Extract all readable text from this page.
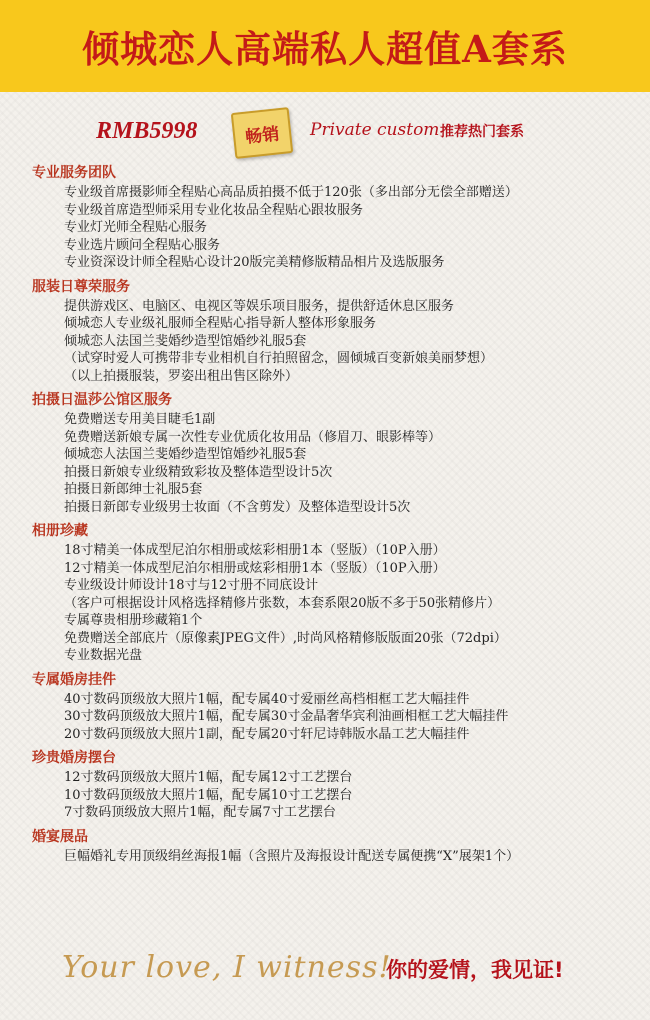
倾城恋人高端私人超值A套系
RMB5998	畅销 Private custom 推荐热门套系
专业服务团队
专业级首席摄影师全程贴心高品质拍摄不低于120张（多出部分无偿全部赠送）
专业级首席造型师采用专业化妆品全程贴心跟妆服务
专业灯光师全程贴心服务
专业选片顾问全程贴心服务
专业资深设计师全程贴心设计20版完美精修版精品相片及选版服务
服装日尊荣服务
提供游戏区、电脑区、电视区等娱乐项目服务，提供舒适休息区服务
倾城恋人专业级礼服师全程贴心指导新人整体形象服务
倾城恋人法国兰斐婚纱造型馆婚纱礼服5套
（试穿时爱人可携带非专业相机自行拍照留念，圆倾城百变新娘美丽梦想）
（以上拍摄服装，罗姿出租出售区除外）
拍摄日温莎公馆区服务
免费赠送专用美目睫毛1副
免费赠送新娘专属一次性专业优质化妆用品（修眉刀、眼影棒等）
倾城恋人法国兰斐婚纱造型馆婚纱礼服5套
拍摄日新娘专业级精致彩妆及整体造型设计5次
拍摄日新郎绅士礼服5套
拍摄日新郎专业级男士妆面（不含剪发）及整体造型设计5次
相册珍藏
18寸精美一体成型尼泊尔相册或炫彩相册1本（竖版）（10P入册）
12寸精美一体成型尼泊尔相册或炫彩相册1本（竖版）（10P入册）
专业级设计师设计18寸与12寸册不同底设计
（客户可根据设计风格选择精修片张数，本套系限20版不多于50张精修片）
专属尊贵相册珍藏箱1个
免费赠送全部底片（原像素JPEG文件）,时尚风格精修版版面20张（72dpi）
专业数据光盘
专属婚房挂件
40寸数码顶级放大照片1幅，配专属40寸爱丽丝高档相框工艺大幅挂件
30寸数码顶级放大照片1幅，配专属30寸金晶奢华宾利油画相框工艺大幅挂件
20寸数码顶级放大照片1副，配专属20寸轩尼诗韩版水晶工艺大幅挂件
珍贵婚房摆台
12寸数码顶级放大照片1幅，配专属12寸工艺摆台
10寸数码顶级放大照片1幅，配专属10寸工艺摆台
7寸数码顶级放大照片1幅，配专属7寸工艺摆台
婚宴展品
巨幅婚礼专用顶级绢丝海报1幅（含照片及海报设计配送专属便携“X”展架1个）
Your love, I witness!
你的爱情，我见证!
